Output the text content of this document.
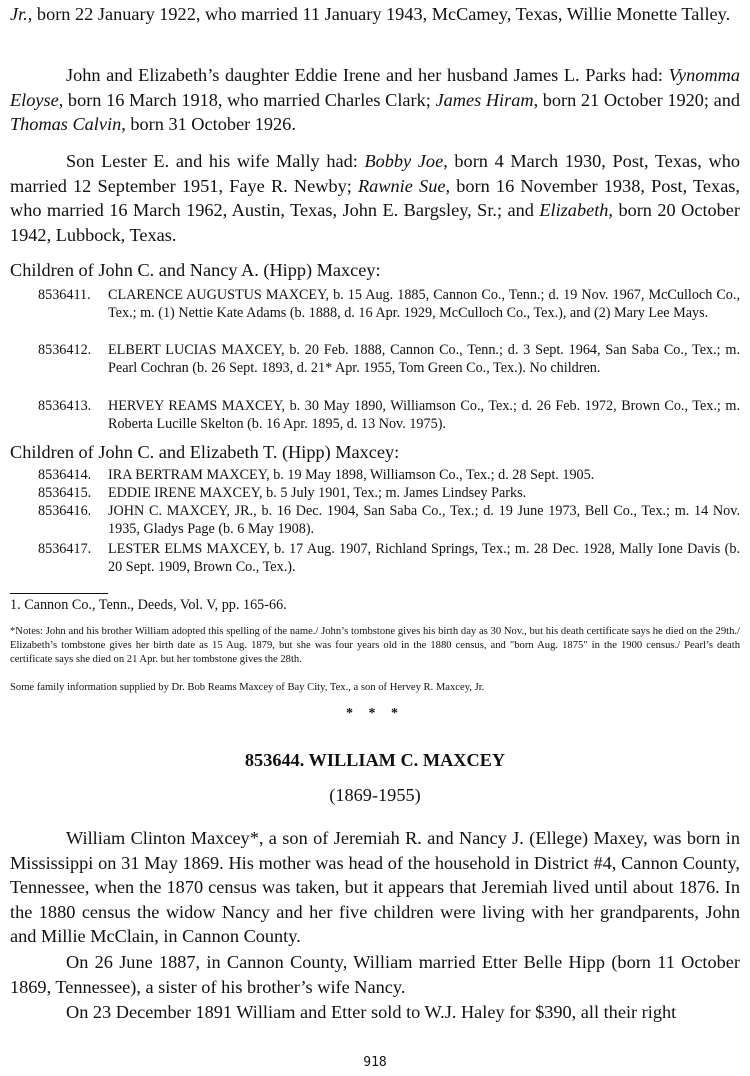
Jr., born 22 January 1922, who married 11 January 1943, McCamey, Texas, Willie Monette Talley.

John and Elizabeth’s daughter Eddie Irene and her husband James L. Parks had: Vynomma Eloyse, born 16 March 1918, who married Charles Clark; James Hiram, born 21 October 1920; and Thomas Calvin, born 31 October 1926.

Son Lester E. and his wife Mally had: Bobby Joe, born 4 March 1930, Post, Texas, who married 12 September 1951, Faye R. Newby; Rawnie Sue, born 16 November 1938, Post, Texas, who married 16 March 1962, Austin, Texas, John E. Bargsley, Sr.; and Elizabeth, born 20 October 1942, Lubbock, Texas.

Children of John C. and Nancy A. (Hipp) Maxcey:

8536411. CLARENCE AUGUSTUS MAXCEY, b. 15 Aug. 1885, Cannon Co., Tenn.; d. 19 Nov. 1967, McCulloch Co., Tex.; m. (1) Nettie Kate Adams (b. 1888, d. 16 Apr. 1929, McCulloch Co., Tex.), and (2) Mary Lee Mays.
8536412. ELBERT LUCIAS MAXCEY, b. 20 Feb. 1888, Cannon Co., Tenn.; d. 3 Sept. 1964, San Saba Co., Tex.; m. Pearl Cochran (b. 26 Sept. 1893, d. 21* Apr. 1955, Tom Green Co., Tex.). No children.
8536413. HERVEY REAMS MAXCEY, b. 30 May 1890, Williamson Co., Tex.; d. 26 Feb. 1972, Brown Co., Tex.; m. Roberta Lucille Skelton (b. 16 Apr. 1895, d. 13 Nov. 1975).

Children of John C. and Elizabeth T. (Hipp) Maxcey:

8536414. IRA BERTRAM MAXCEY, b. 19 May 1898, Williamson Co., Tex.; d. 28 Sept. 1905.
8536415. EDDIE IRENE MAXCEY, b. 5 July 1901, Tex.; m. James Lindsey Parks.
8536416. JOHN C. MAXCEY, JR., b. 16 Dec. 1904, San Saba Co., Tex.; d. 19 June 1973, Bell Co., Tex.; m. 14 Nov. 1935, Gladys Page (b. 6 May 1908).
8536417. LESTER ELMS MAXCEY, b. 17 Aug. 1907, Richland Springs, Tex.; m. 28 Dec. 1928, Mally Ione Davis (b. 20 Sept. 1909, Brown Co., Tex.).

1. Cannon Co., Tenn., Deeds, Vol. V, pp. 165-66.

*Notes: John and his brother William adopted this spelling of the name./ John’s tombstone gives his birth day as 30 Nov., but his death certificate says he died on the 29th./ Elizabeth’s tombstone gives her birth date as 15 Aug. 1879, but she was four years old in the 1880 census, and "born Aug. 1875" in the 1900 census./ Pearl’s death certificate says she died on 21 Apr. but her tombstone gives the 28th.

Some family information supplied by Dr. Bob Reams Maxcey of Bay City, Tex., a son of Hervey R. Maxcey, Jr.

* * *

853644. WILLIAM C. MAXCEY

(1869-1955)

William Clinton Maxcey*, a son of Jeremiah R. and Nancy J. (Ellege) Maxey, was born in Mississippi on 31 May 1869. His mother was head of the household in District #4, Cannon County, Tennessee, when the 1870 census was taken, but it appears that Jeremiah lived until about 1876. In the 1880 census the widow Nancy and her five children were living with her grandparents, John and Millie McClain, in Cannon County.

On 26 June 1887, in Cannon County, William married Etter Belle Hipp (born 11 October 1869, Tennessee), a sister of his brother’s wife Nancy.

On 23 December 1891 William and Etter sold to W.J. Haley for $390, all their right

918
